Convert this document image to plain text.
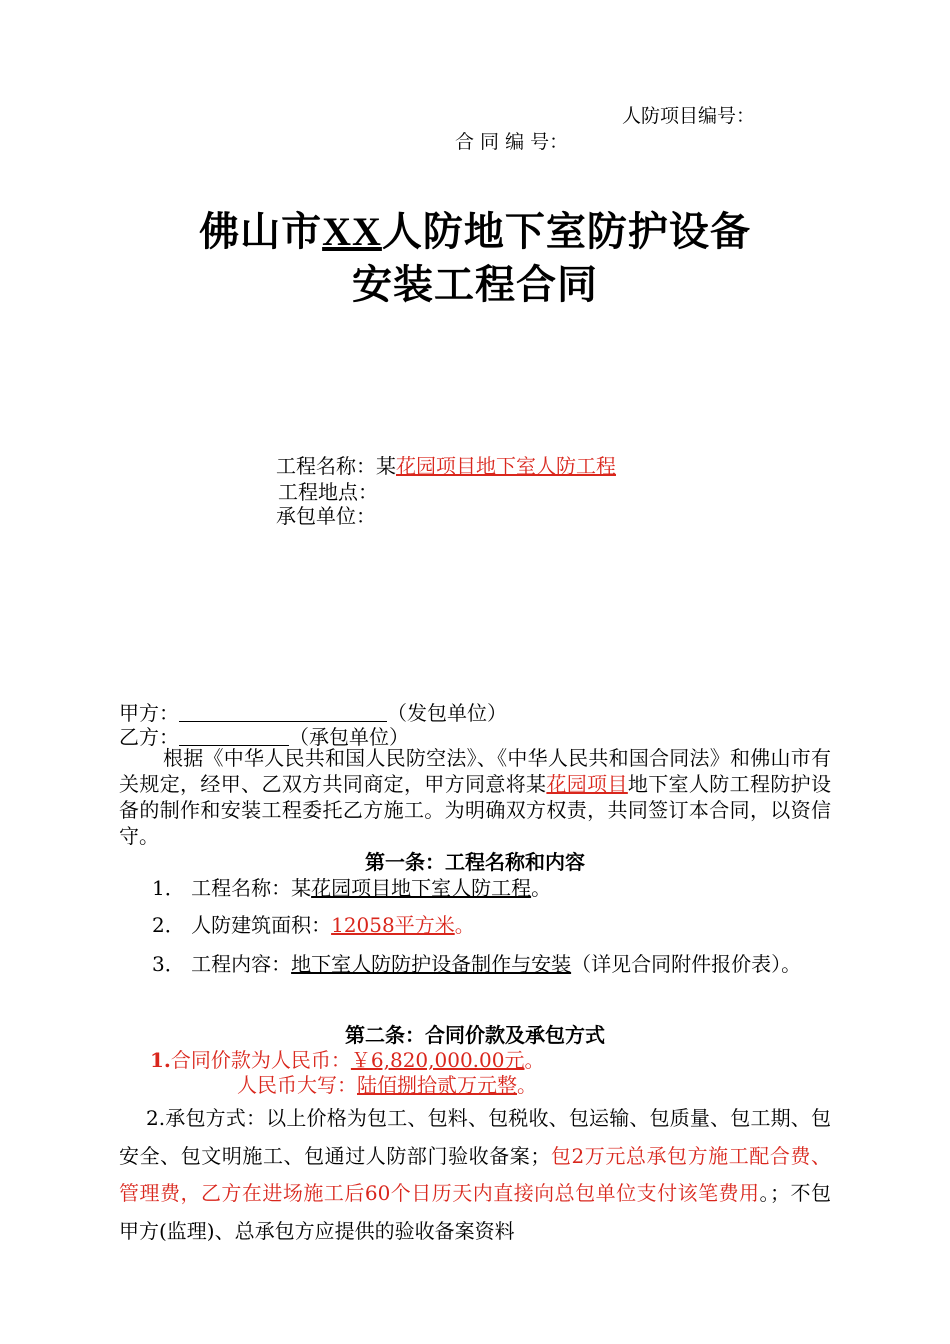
人防项目编号：
合 同 编 号：
佛山市XX人防地下室防护设备
安装工程合同
工程名称：某花园项目地下室人防工程
工程地点：
承包单位：
甲方：	（发包单位）
乙方：	（承包单位）
根据《中华人民共和国人民防空法》、《中华人民共和国合同法》和佛山市有关规定，经甲、乙双方共同商定，甲方同意将某花园项目地下室人防工程防护设备的制作和安装工程委托乙方施工。为明确双方权责，共同签订本合同，以资信守。
第一条：工程名称和内容
1． 工程名称：某花园项目地下室人防工程。
2． 人防建筑面积：12058平方米。
3． 工程内容：地下室人防防护设备制作与安装（详见合同附件报价表）。
第二条：合同价款及承包方式
1.合同价款为人民币：￥6,820,000.00元。
人民币大写：陆佰捌拾贰万元整。
2.承包方式：以上价格为包工、包料、包税收、包运输、包质量、包工期、包安全、包文明施工、包通过人防部门验收备案；包2万元总承包方施工配合费、管理费，乙方在进场施工后60个日历天内直接向总包单位支付该笔费用。；不包甲方(监理)、总承包方应提供的验收备案资料
